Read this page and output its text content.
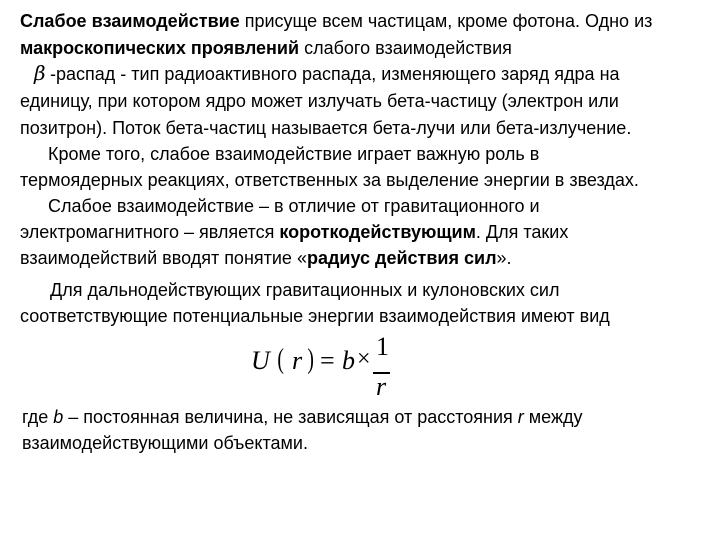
Слабое взаимодействие присуще всем частицам, кроме фотона. Одно из
макроскопических проявлений слабого взаимодействия
β -распад - тип радиоактивного распада, изменяющего заряд ядра на
единицу, при котором ядро может излучать бета-частицу (электрон или
позитрон). Поток бета-частиц называется бета-лучи или бета-излучение.
Кроме того, слабое взаимодействие играет важную роль в
термоядерных реакциях, ответственных за выделение энергии в звездах.
Слабое взаимодействие – в отличие от гравитационного и
электромагнитного – является короткодействующим. Для таких
взаимодействий вводят понятие «радиус действия сил».
Для дальнодействующих гравитационных и кулоновских сил
соответствующие потенциальные энергии взаимодействия имеют вид
U ( r ) = b × 1
r
где b – постоянная величина, не зависящая от расстояния r между
взаимодействующими объектами.
